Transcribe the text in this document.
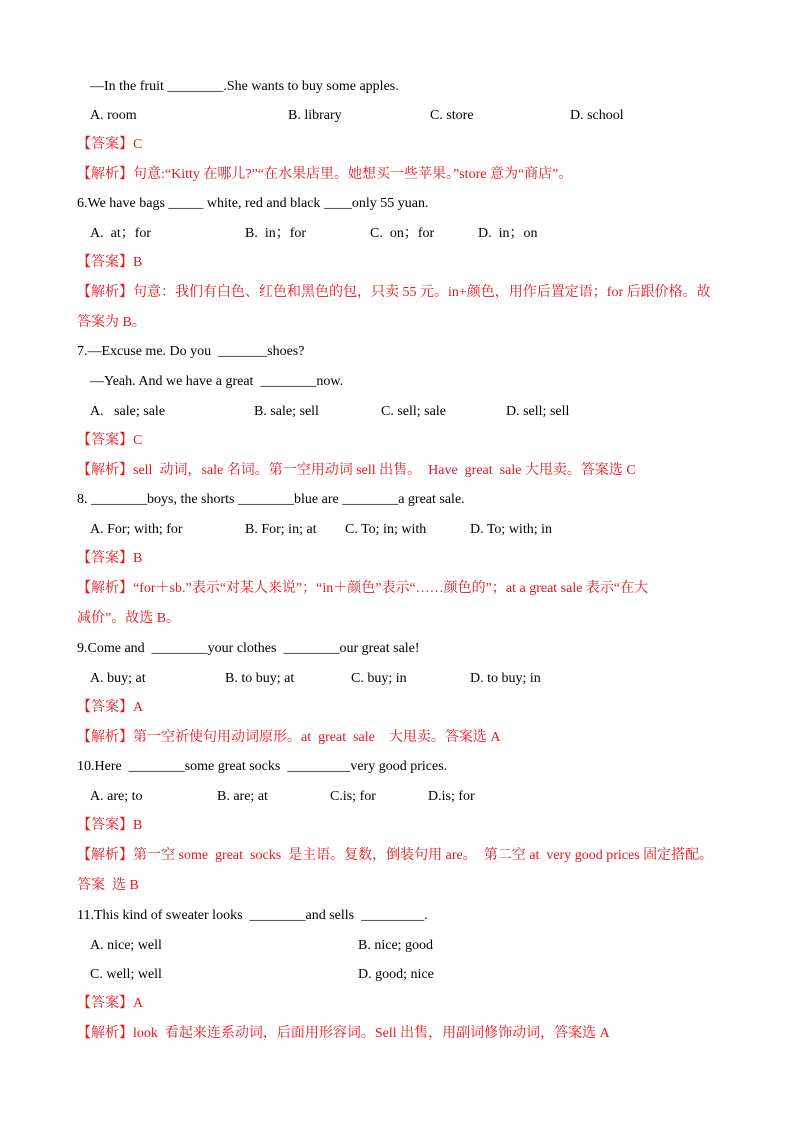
—In the fruit ________.She wants to buy some apples.
A. room	B. library	C. store	D. school
【答案】C
【解析】句意:“Kitty 在哪儿?”“在水果店里。她想买一些苹果。”store 意为“商店”。
6.We have bags _____ white, red and black ____only 55 yuan.
A.  at；for	B.  in；for	C.  on；for	D.  in；on
【答案】B
【解析】句意：我们有白色、红色和黑色的包，只卖 55 元。in+颜色，用作后置定语；for 后跟价格。故
答案为 B。
7.—Excuse me. Do you  _______shoes?
—Yeah. And we have a great  ________now.
A.   sale; sale	B. sale; sell	C. sell; sale	D. sell; sell
【答案】C
【解析】sell  动词，sale 名词。第一空用动词 sell 出售。  Have  great  sale 大甩卖。答案选 C
8. ________boys, the shorts ________blue are ________a great sale.
A. For; with; for	B. For; in; at C. To; in; with	D. To; with; in
【答案】B
【解析】“for＋sb.”表示“对某人来说”；“in＋颜色”表示“……颜色的”；at a great sale 表示“在大
减价”。故选 B。
9.Come and  ________your clothes  ________our great sale!
A. buy; at	B. to buy; at	C. buy; in	D. to buy; in
【答案】A
【解析】第一空祈使句用动词原形。at  great  sale    大甩卖。答案选 A
10.Here  ________some great socks  _________very good prices.
A. are; to	B. are; at	C.is; for	D.is; for
【答案】B
【解析】第一空 some  great  socks  是主语。复数，倒装句用 are。  第二空 at  very good prices 固定搭配。
答案  选 B
11.This kind of sweater looks  ________and sells  _________.
A. nice; well	B. nice; good
C. well; well	D. good; nice
【答案】A
【解析】look  看起来连系动词，后面用形容词。Sell 出售，用副词修饰动词，答案选 A
